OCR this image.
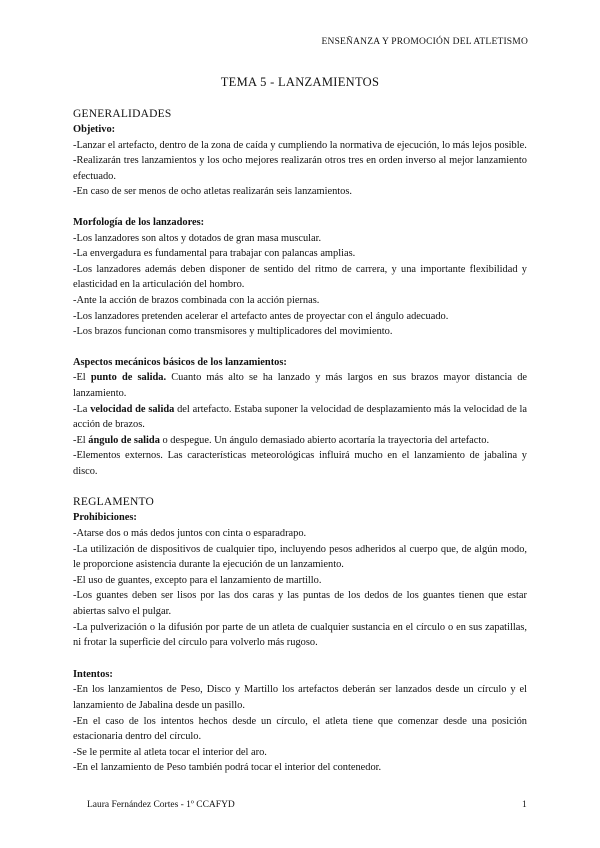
ENSEÑANZA Y PROMOCIÓN DEL ATLETISMO
TEMA 5 - LANZAMIENTOS

GENERALIDADES

Objetivo:

-Lanzar el artefacto, dentro de la zona de caída y cumpliendo la normativa de ejecución, lo más lejos posible.

-Realizarán tres lanzamientos y los ocho mejores realizarán otros tres en orden inverso al mejor lanzamiento efectuado.

-En caso de ser menos de ocho atletas realizarán seis lanzamientos.

Morfología de los lanzadores:

-Los lanzadores son altos y dotados de gran masa muscular.

-La envergadura es fundamental para trabajar con palancas amplias.

-Los lanzadores además deben disponer de sentido del ritmo de carrera, y una importante flexibilidad y elasticidad en la articulación del hombro.

-Ante la acción de brazos combinada con la acción piernas.

-Los lanzadores pretenden acelerar el artefacto antes de proyectar con el ángulo adecuado.

-Los brazos funcionan como transmisores y multiplicadores del movimiento.

Aspectos mecánicos básicos de los lanzamientos:

-El punto de salida. Cuanto más alto se ha lanzado y más largos en sus brazos mayor distancia de lanzamiento.

-La velocidad de salida del artefacto. Estaba suponer la velocidad de desplazamiento más la velocidad de la acción de brazos.

-El ángulo de salida o despegue. Un ángulo demasiado abierto acortaría la trayectoria del artefacto.

-Elementos externos. Las características meteorológicas influirá mucho en el lanzamiento de jabalina y disco.

REGLAMENTO

Prohibiciones:

-Atarse dos o más dedos juntos con cinta o esparadrapo.

-La utilización de dispositivos de cualquier tipo, incluyendo pesos adheridos al cuerpo que, de algún modo, le proporcione asistencia durante la ejecución de un lanzamiento.

-El uso de guantes, excepto para el lanzamiento de martillo.

-Los guantes deben ser lisos por las dos caras y las puntas de los dedos de los guantes tienen que estar abiertas salvo el pulgar.

-La pulverización o la difusión por parte de un atleta de cualquier sustancia en el círculo o en sus zapatillas, ni frotar la superficie del círculo para volverlo más rugoso.

Intentos:

-En los lanzamientos de Peso, Disco y Martillo los artefactos deberán ser lanzados desde un círculo y el lanzamiento de Jabalina desde un pasillo.

-En el caso de los intentos hechos desde un círculo, el atleta tiene que comenzar desde una posición estacionaria dentro del círculo.

-Se le permite al atleta tocar el interior del aro.

-En el lanzamiento de Peso también podrá tocar el interior del contenedor.

Laura Fernández Cortes - 1º CCAFYD	1
